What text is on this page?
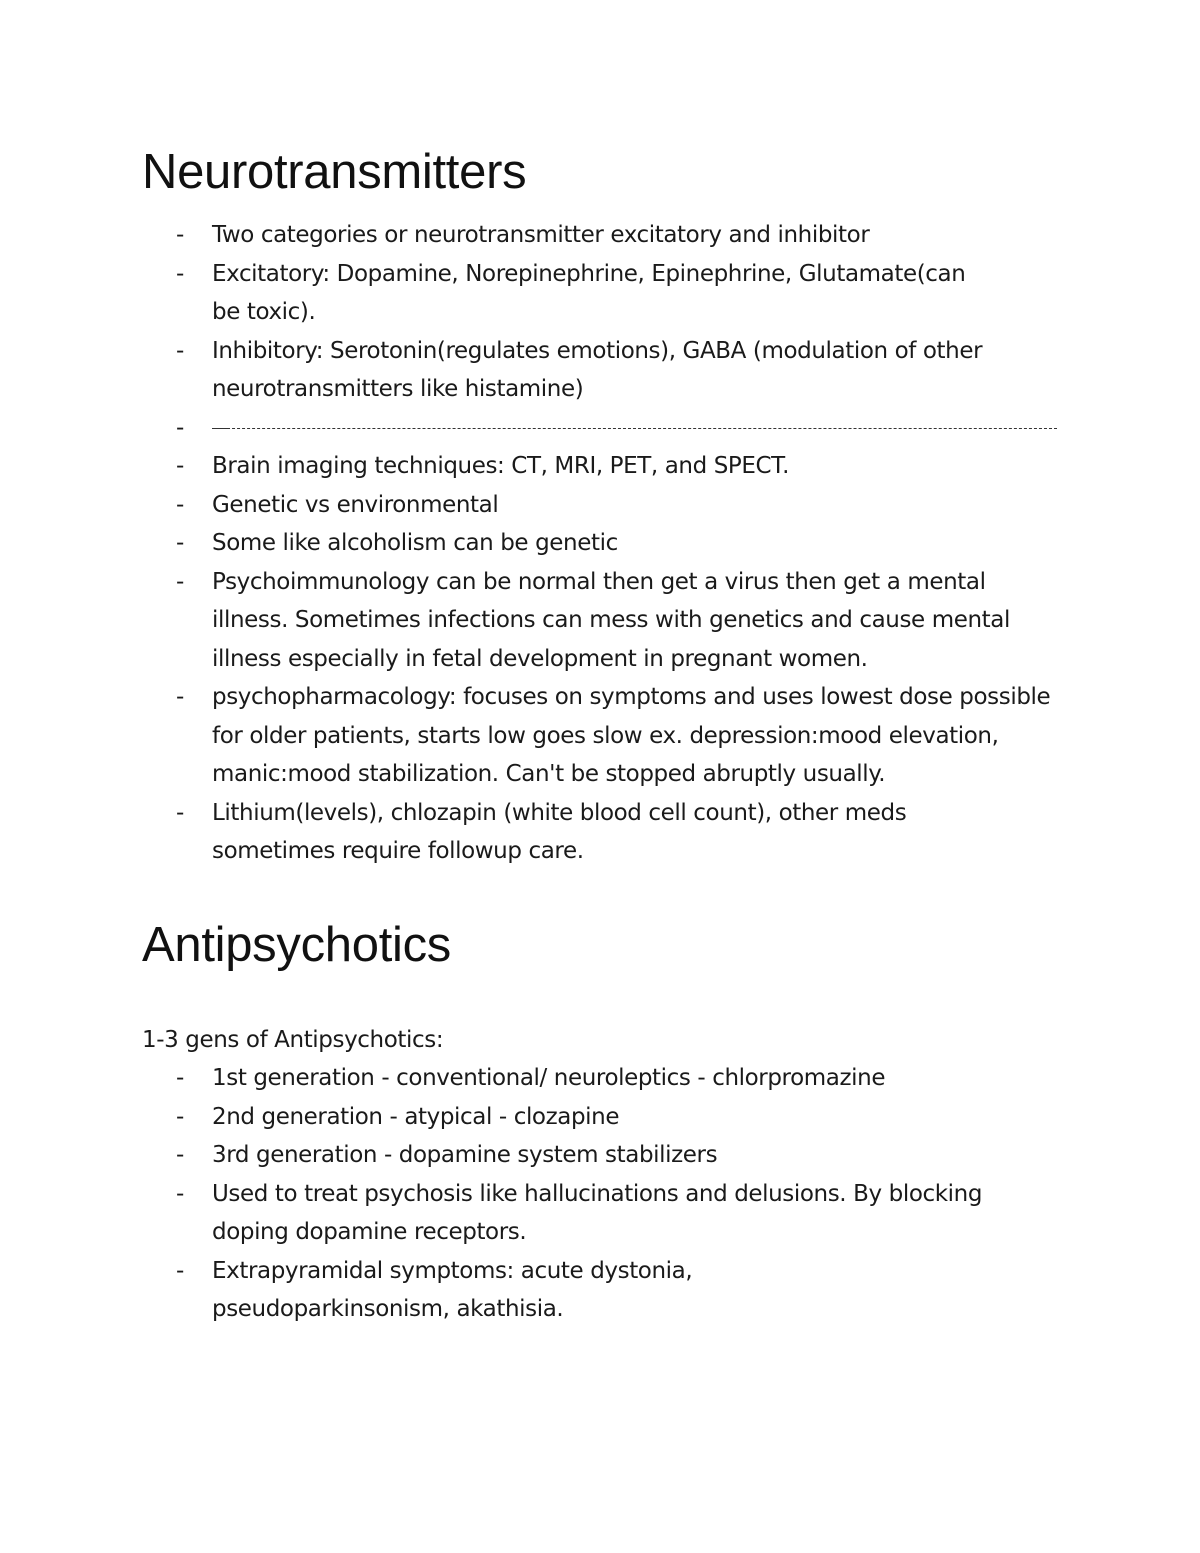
Neurotransmitters
- Two categories or neurotransmitter excitatory and inhibitor
- Excitatory: Dopamine, Norepinephrine, Epinephrine, Glutamate(can be toxic).
- Inhibitory: Serotonin(regulates emotions), GABA (modulation of other neurotransmitters like histamine)
-
- Brain imaging techniques: CT, MRI, PET, and SPECT.
- Genetic vs environmental
- Some like alcoholism can be genetic
- Psychoimmunology can be normal then get a virus then get a mental illness. Sometimes infections can mess with genetics and cause mental illness especially in fetal development in pregnant women.
- psychopharmacology: focuses on symptoms and uses lowest dose possible for older patients, starts low goes slow ex. depression:mood elevation, manic:mood stabilization. Can't be stopped abruptly usually.
- Lithium(levels), chlozapin (white blood cell count), other meds sometimes require followup care.
Antipsychotics

1-3 gens of Antipsychotics:

- 1st generation - conventional/ neuroleptics - chlorpromazine
- 2nd generation - atypical - clozapine
- 3rd generation - dopamine system stabilizers
- Used to treat psychosis like hallucinations and delusions. By blocking doping dopamine receptors.
- Extrapyramidal symptoms: acute dystonia, pseudoparkinsonism, akathisia.
